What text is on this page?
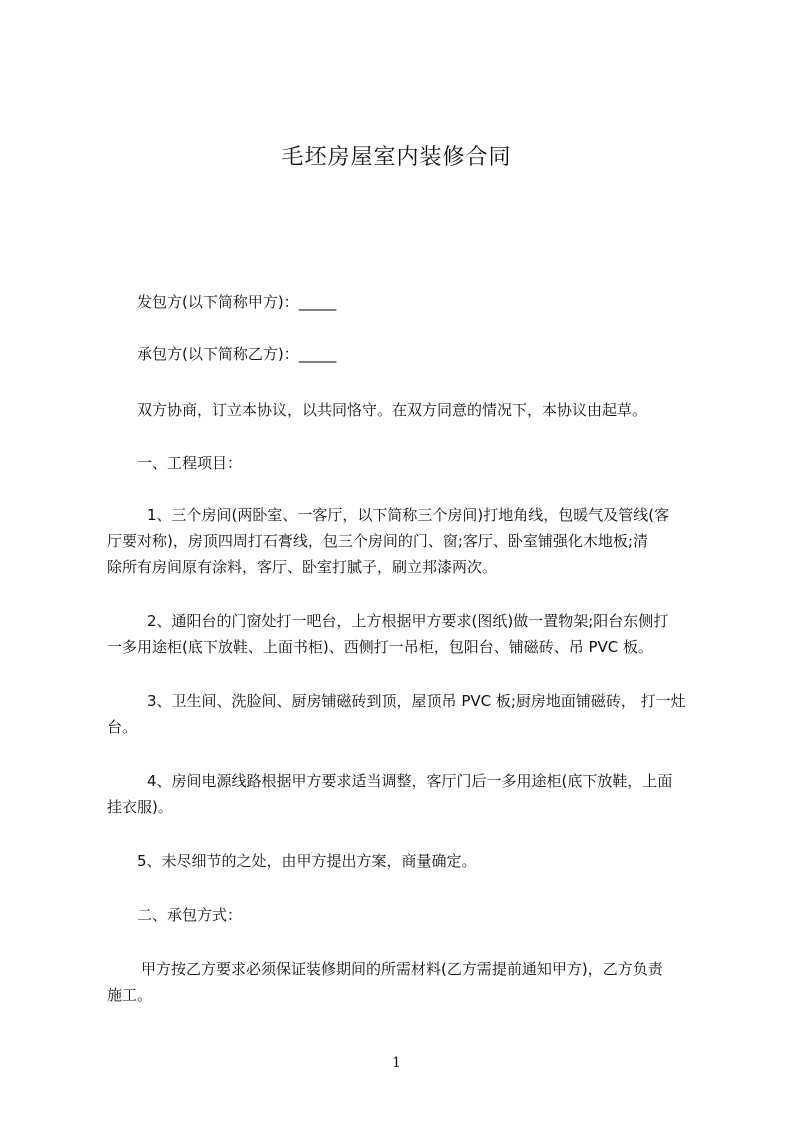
毛坯房屋室内装修合同
发包方(以下简称甲方)：_____
承包方(以下简称乙方)：_____
双方协商，订立本协议，以共同恪守。在双方同意的情况下，本协议由起草。
一、工程项目：
1、三个房间(两卧室、一客厅，以下简称三个房间)打地角线，包暖气及管线(客
厅要对称)，房顶四周打石膏线，包三个房间的门、窗;客厅、卧室铺强化木地板;清
除所有房间原有涂料，客厅、卧室打腻子，刷立邦漆两次。
2、通阳台的门窗处打一吧台，上方根据甲方要求(图纸)做一置物架;阳台东侧打
一多用途柜(底下放鞋、上面书柜)、西侧打一吊柜，包阳台、铺磁砖、吊 PVC 板。
3、卫生间、洗脸间、厨房铺磁砖到顶，屋顶吊 PVC 板;厨房地面铺磁砖， 打一灶
台。
4、房间电源线路根据甲方要求适当调整，客厅门后一多用途柜(底下放鞋，上面
挂衣服)。
5、未尽细节的之处，由甲方提出方案，商量确定。
二、承包方式：
甲方按乙方要求必须保证装修期间的所需材料(乙方需提前通知甲方)，乙方负责
施工。
1
